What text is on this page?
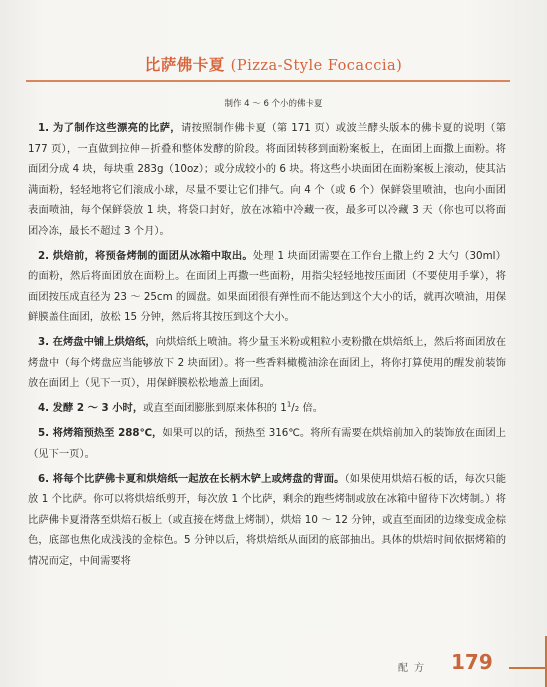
比萨佛卡夏 (Pizza-Style Focaccia)
制作 4 ～ 6 个小的佛卡夏

1. 为了制作这些漂亮的比萨，请按照制作佛卡夏（第 171 页）或波兰酵头版本的佛卡夏的说明（第 177 页），一直做到拉伸－折叠和整体发酵的阶段。将面团转移到面粉案板上，在面团上面撒上面粉。将面团分成 4 块，每块重 283g（10oz）；或分成较小的 6 块。将这些小块面团在面粉案板上滚动，使其沾满面粉，轻轻地将它们滚成小球，尽量不要让它们排气。向 4 个（或 6 个）保鲜袋里喷油，也向小面团表面喷油，每个保鲜袋放 1 块，将袋口封好，放在冰箱中冷藏一夜，最多可以冷藏 3 天（你也可以将面团冷冻，最长不超过 3 个月）。

2. 烘焙前，将预备烤制的面团从冰箱中取出。处理 1 块面团需要在工作台上撒上约 2 大勺（30ml）的面粉，然后将面团放在面粉上。在面团上再撒一些面粉，用指尖轻轻地按压面团（不要使用手掌），将面团按压成直径为 23 ～ 25cm 的圆盘。如果面团很有弹性而不能达到这个大小的话，就再次喷油，用保鲜膜盖住面团，放松 15 分钟，然后将其按压到这个大小。

3. 在烤盘中铺上烘焙纸，向烘焙纸上喷油。将少量玉米粉或粗粒小麦粉撒在烘焙纸上，然后将面团放在烤盘中（每个烤盘应当能够放下 2 块面团）。将一些香料橄榄油涂在面团上，将你打算使用的醒发前装饰放在面团上（见下一页），用保鲜膜松松地盖上面团。

4. 发酵 2 ～ 3 小时，或直至面团膨胀到原来体积的 $1^1/2$ 倍。

5. 将烤箱预热至 288℃，如果可以的话，预热至 316℃。将所有需要在烘焙前加入的装饰放在面团上（见下一页）。

6. 将每个比萨佛卡夏和烘焙纸一起放在长柄木铲上或烤盘的背面。（如果使用烘焙石板的话，每次只能放 1 个比萨。你可以将烘焙纸剪开，每次放 1 个比萨，剩余的跑些烤制或放在冰箱中留待下次烤制。）将比萨佛卡夏滑落至烘焙石板上（或直接在烤盘上烤制），烘焙 10 ～ 12 分钟，或直至面团的边缘变成金棕色，底部也焦化成浅浅的金棕色。5 分钟以后，将烘焙纸从面团的底部抽出。具体的烘焙时间依据烤箱的情况而定，中间需要将

配方 179
